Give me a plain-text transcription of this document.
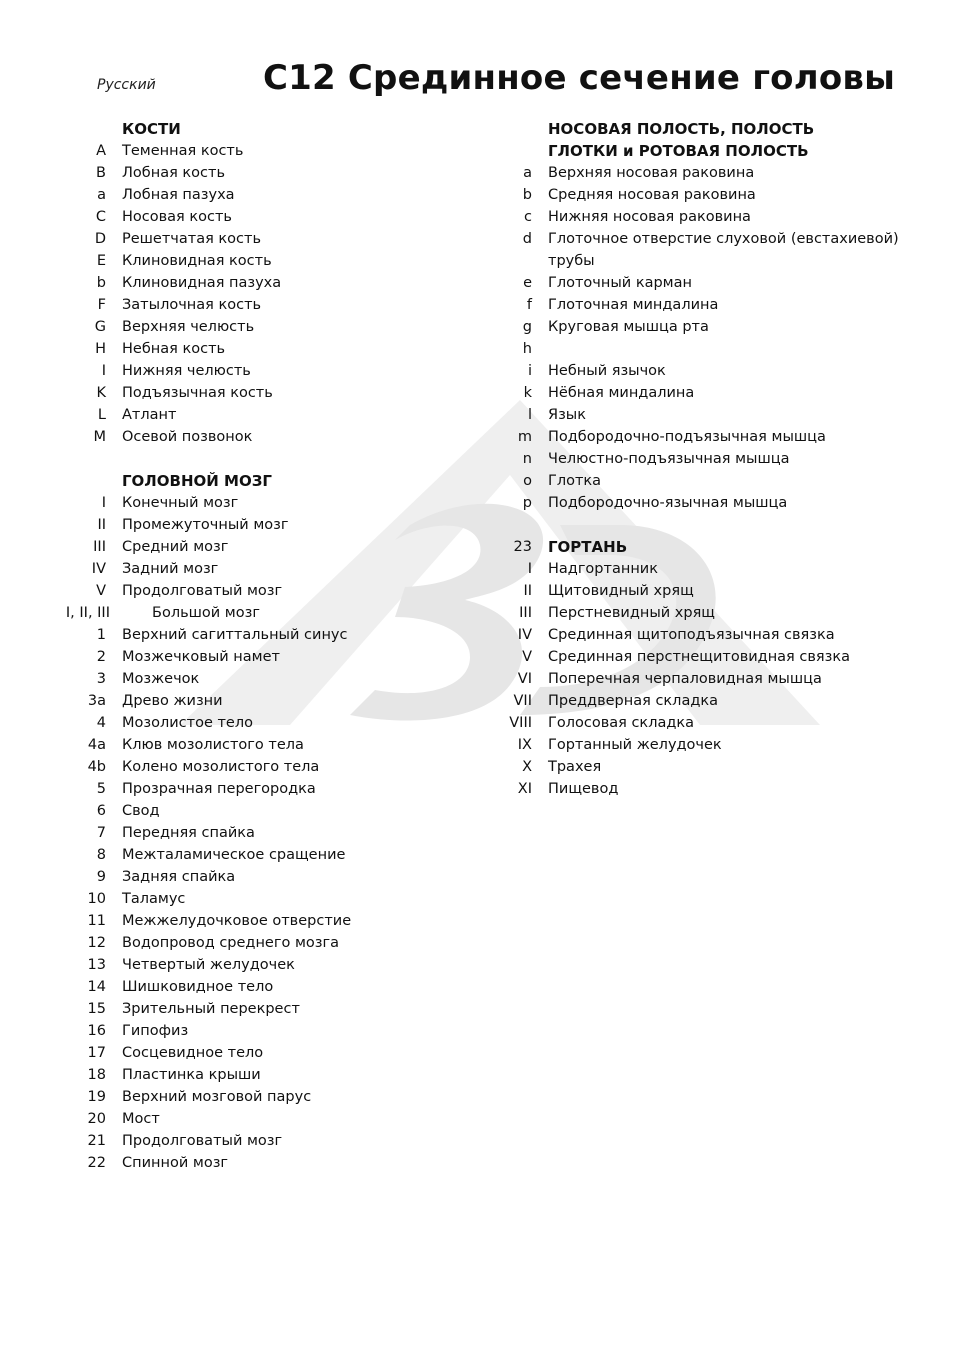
Русский	C12 Срединное сечение головы
КОСТИ
A	Теменная кость
B	Лобная кость
a	Лобная пазуха
C	Носовая кость
D	Решетчатая кость
E	Клиновидная кость
b	Клиновидная пазуха
F	Затылочная кость
G	Верхняя челюсть
H	Небная кость
I	Нижняя челюсть
K	Подъязычная кость
L	Атлант
M	Осевой позвонок
ГОЛОВНОЙ МОЗГ
I	Конечный мозг
II	Промежуточный мозг
III	Средний мозг
IV	Задний мозг
V	Продолговатый мозг
I, II, III	Большой мозг
1	Верхний сагиттальный синус
2	Мозжечковый намет
3	Мозжечок
3a	Древо жизни
4	Мозолистое тело
4a	Клюв мозолистого тела
4b	Колено мозолистого тела
5	Прозрачная перегородка
6	Свод
7	Передняя спайка
8	Межталамическое сращение
9	Задняя спайка
10	Таламус
11	Межжелудочковое отверстие
12	Водопровод среднего мозга
13	Четвертый желудочек
14	Шишковидное тело
15	Зрительный перекрест
16	Гипофиз
17	Сосцевидное тело
18	Пластинка крыши
19	Верхний мозговой парус
20	Мост
21	Продолговатый мозг
22	Спинной мозг
НОСОВАЯ ПОЛОСТЬ, ПОЛОСТЬ
ГЛОТКИ и РОТОВАЯ ПОЛОСТЬ
a	Верхняя носовая раковина
b	Средняя носовая раковина
c	Нижняя носовая раковина
d	Глоточное отверстие слуховой (евстахиевой)
трубы
e	Глоточный карман
f	Глоточная миндалина
g	Круговая мышца рта
h
i	Небный язычок
k	Нёбная миндалина
l	Язык
m	Подбородочно-подъязычная мышца
n	Челюстно-подъязычная мышца
o	Глотка
p	Подбородочно-язычная мышца
23	ГОРТАНЬ
I	Надгортанник
II	Щитовидный хрящ
III	Перстневидный хрящ
IV	Срединная щитоподъязычная связка
V	Срединная перстнещитовидная связка
VI	Поперечная черпаловидная мышца
VII	Преддверная складка
VIII	Голосовая складка
IX	Гортанный желудочек
X	Трахея
XI	Пищевод
